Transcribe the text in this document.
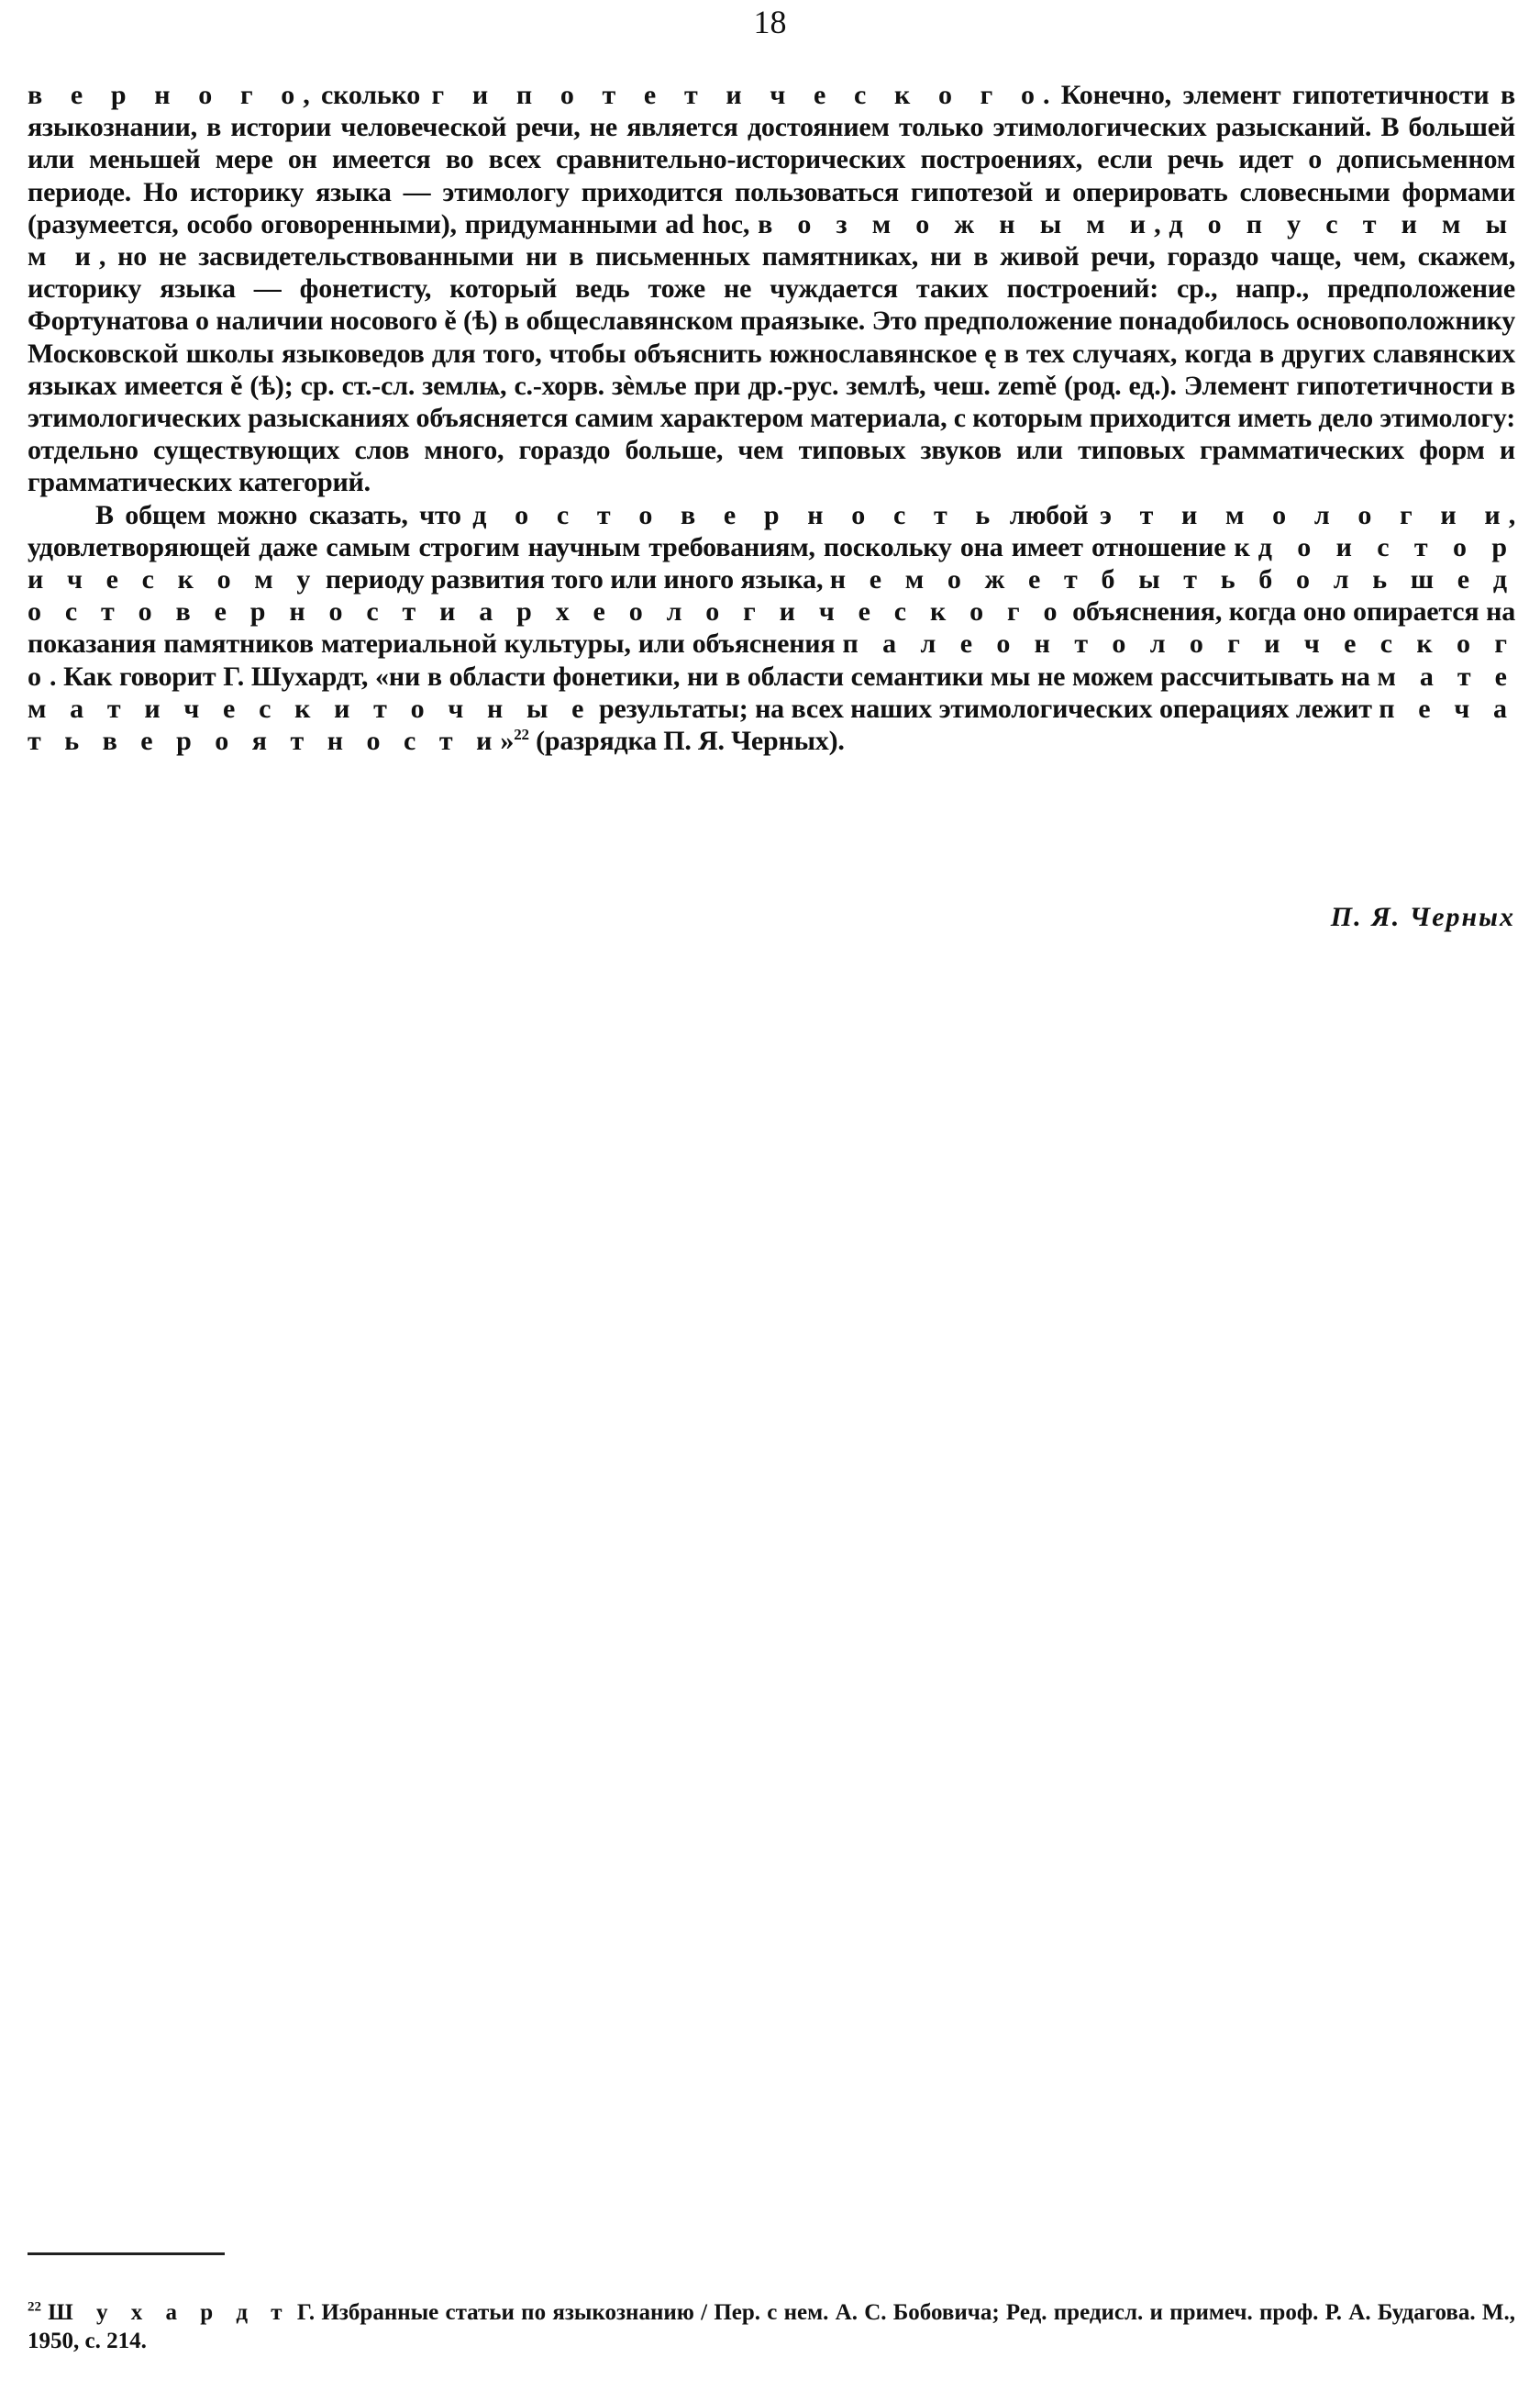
18

в е р н о г о, сколько г и п о т е т и ч е с к о г о. Конечно, элемент гипотетичности в языкознании, в истории человеческой речи, не является достоянием только этимологических разысканий. В большей или меньшей мере он имеется во всех сравнительно-исторических построениях, если речь идет о дописьменном периоде. Но историку языка — этимологу приходится пользоваться гипотезой и оперировать словесными формами (разумеется, особо оговоренными), придуманными ad hoc, в о з м о ж н ы м и, д о п у с т и м ы м и, но не засвидетельствованными ни в письменных памятниках, ни в живой речи, гораздо чаще, чем, скажем, историку языка — фонетисту, который ведь тоже не чуждается таких построений: ср., напр., предположение Фортунатова о наличии носового ě (ѣ) в общеславянском праязыке. Это предположение понадобилось основоположнику Московской школы языковедов для того, чтобы объяснить южнославянское ę в тех случаях, когда в других славянских языках имеется ě (ѣ); ср. ст.-сл. землѩ, с.-хорв. зѐмље при др.-рус. землѣ, чеш. země (род. ед.). Элемент гипотетичности в этимологических разысканиях объясняется самим характером материала, с которым приходится иметь дело этимологу: отдельно существующих слов много, гораздо больше, чем типовых звуков или типовых грамматических форм и грамматических категорий.

В общем можно сказать, что д о с т о в е р н о с т ь любой э т и м о л о г и и, удовлетворяющей даже самым строгим научным требованиям, поскольку она имеет отношение к д о и с т о р и ч е с к о м у периоду развития того или иного языка, н е м о ж е т б ы т ь б о л ь ш е д о с т о в е р н о с т и а р х е о л о г и ч е с к о г о объяснения, когда оно опирается на показания памятников материальной культуры, или объяснения п а л е о н т о л о г и ч е с к о г о. Как говорит Г. Шухардт, «ни в области фонетики, ни в области семантики мы не можем рассчитывать на м а т е м а т и ч е с к и т о ч н ы е результаты; на всех наших этимологических операциях лежит п е ч а т ь в е р о я т н о с т и»$^{22}$ (разрядка П. Я. Черных).

П. Я. Черных
$^{22}$ Ш у х а р д т Г. Избранные статьи по языкознанию / Пер. с нем. А. С. Бобовича; Ред. предисл. и примеч. проф. Р. А. Будагова. М., 1950, с. 214.
